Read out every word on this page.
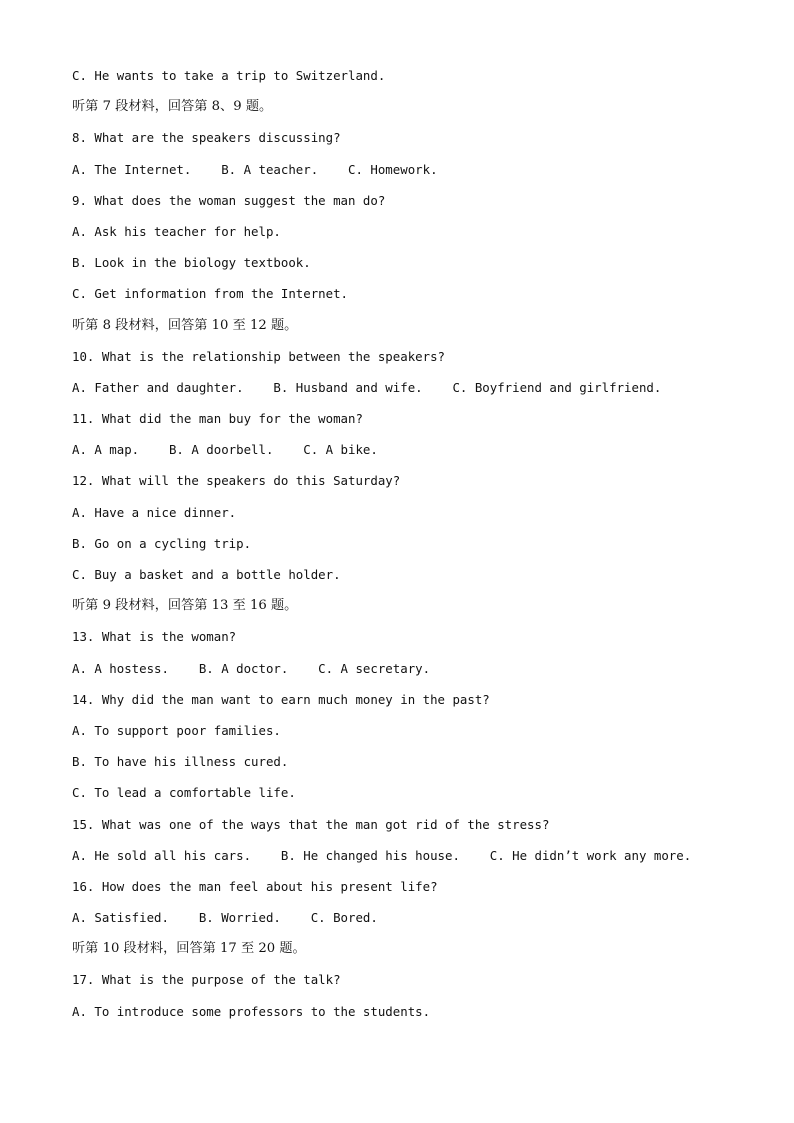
C. He wants to take a trip to Switzerland.

听第 7 段材料，回答第 8、9 题。

8. What are the speakers discussing?

A. The Internet.    B. A teacher.    C. Homework.

9. What does the woman suggest the man do?

A. Ask his teacher for help.

B. Look in the biology textbook.

C. Get information from the Internet.

听第 8 段材料，回答第 10 至 12 题。

10. What is the relationship between the speakers?

A. Father and daughter.    B. Husband and wife.    C. Boyfriend and girlfriend.

11. What did the man buy for the woman?

A. A map.    B. A doorbell.    C. A bike.

12. What will the speakers do this Saturday?

A. Have a nice dinner.

B. Go on a cycling trip.

C. Buy a basket and a bottle holder.

听第 9 段材料，回答第 13 至 16 题。

13. What is the woman?

A. A hostess.    B. A doctor.    C. A secretary.

14. Why did the man want to earn much money in the past?

A. To support poor families.

B. To have his illness cured.

C. To lead a comfortable life.

15. What was one of the ways that the man got rid of the stress?

A. He sold all his cars.    B. He changed his house.    C. He didn’t work any more.

16. How does the man feel about his present life?

A. Satisfied.    B. Worried.    C. Bored.

听第 10 段材料，回答第 17 至 20 题。

17. What is the purpose of the talk?

A. To introduce some professors to the students.
